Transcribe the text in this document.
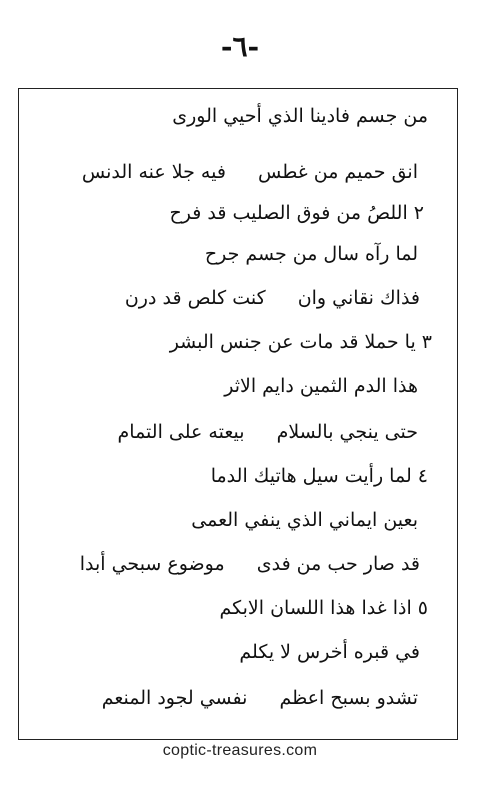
-٦-
من جسم فادينا الذي أحيي الورى
انق حميم من غطس فيه جلا عنه الدنس
٢ اللصُ من فوق الصليب قد فرح
لما رآه سال من جسم جرح
فذاك نقاني وان كنت كلص قد درن
٣ يا حملا قد مات عن جنس البشر
هذا الدم الثمين دايم الاثر
حتى ينجي بالسلام بيعته على التمام
٤ لما رأيت سيل هاتيك الدما
بعين ايماني الذي ينفي العمى
قد صار حب من فدى موضوع سبحي أبدا
٥ اذا غدا هذا اللسان الابكم
في قبره أخرس لا يكلم
تشدو بسبح اعظم نفسي لجود المنعم
coptic-treasures.com
